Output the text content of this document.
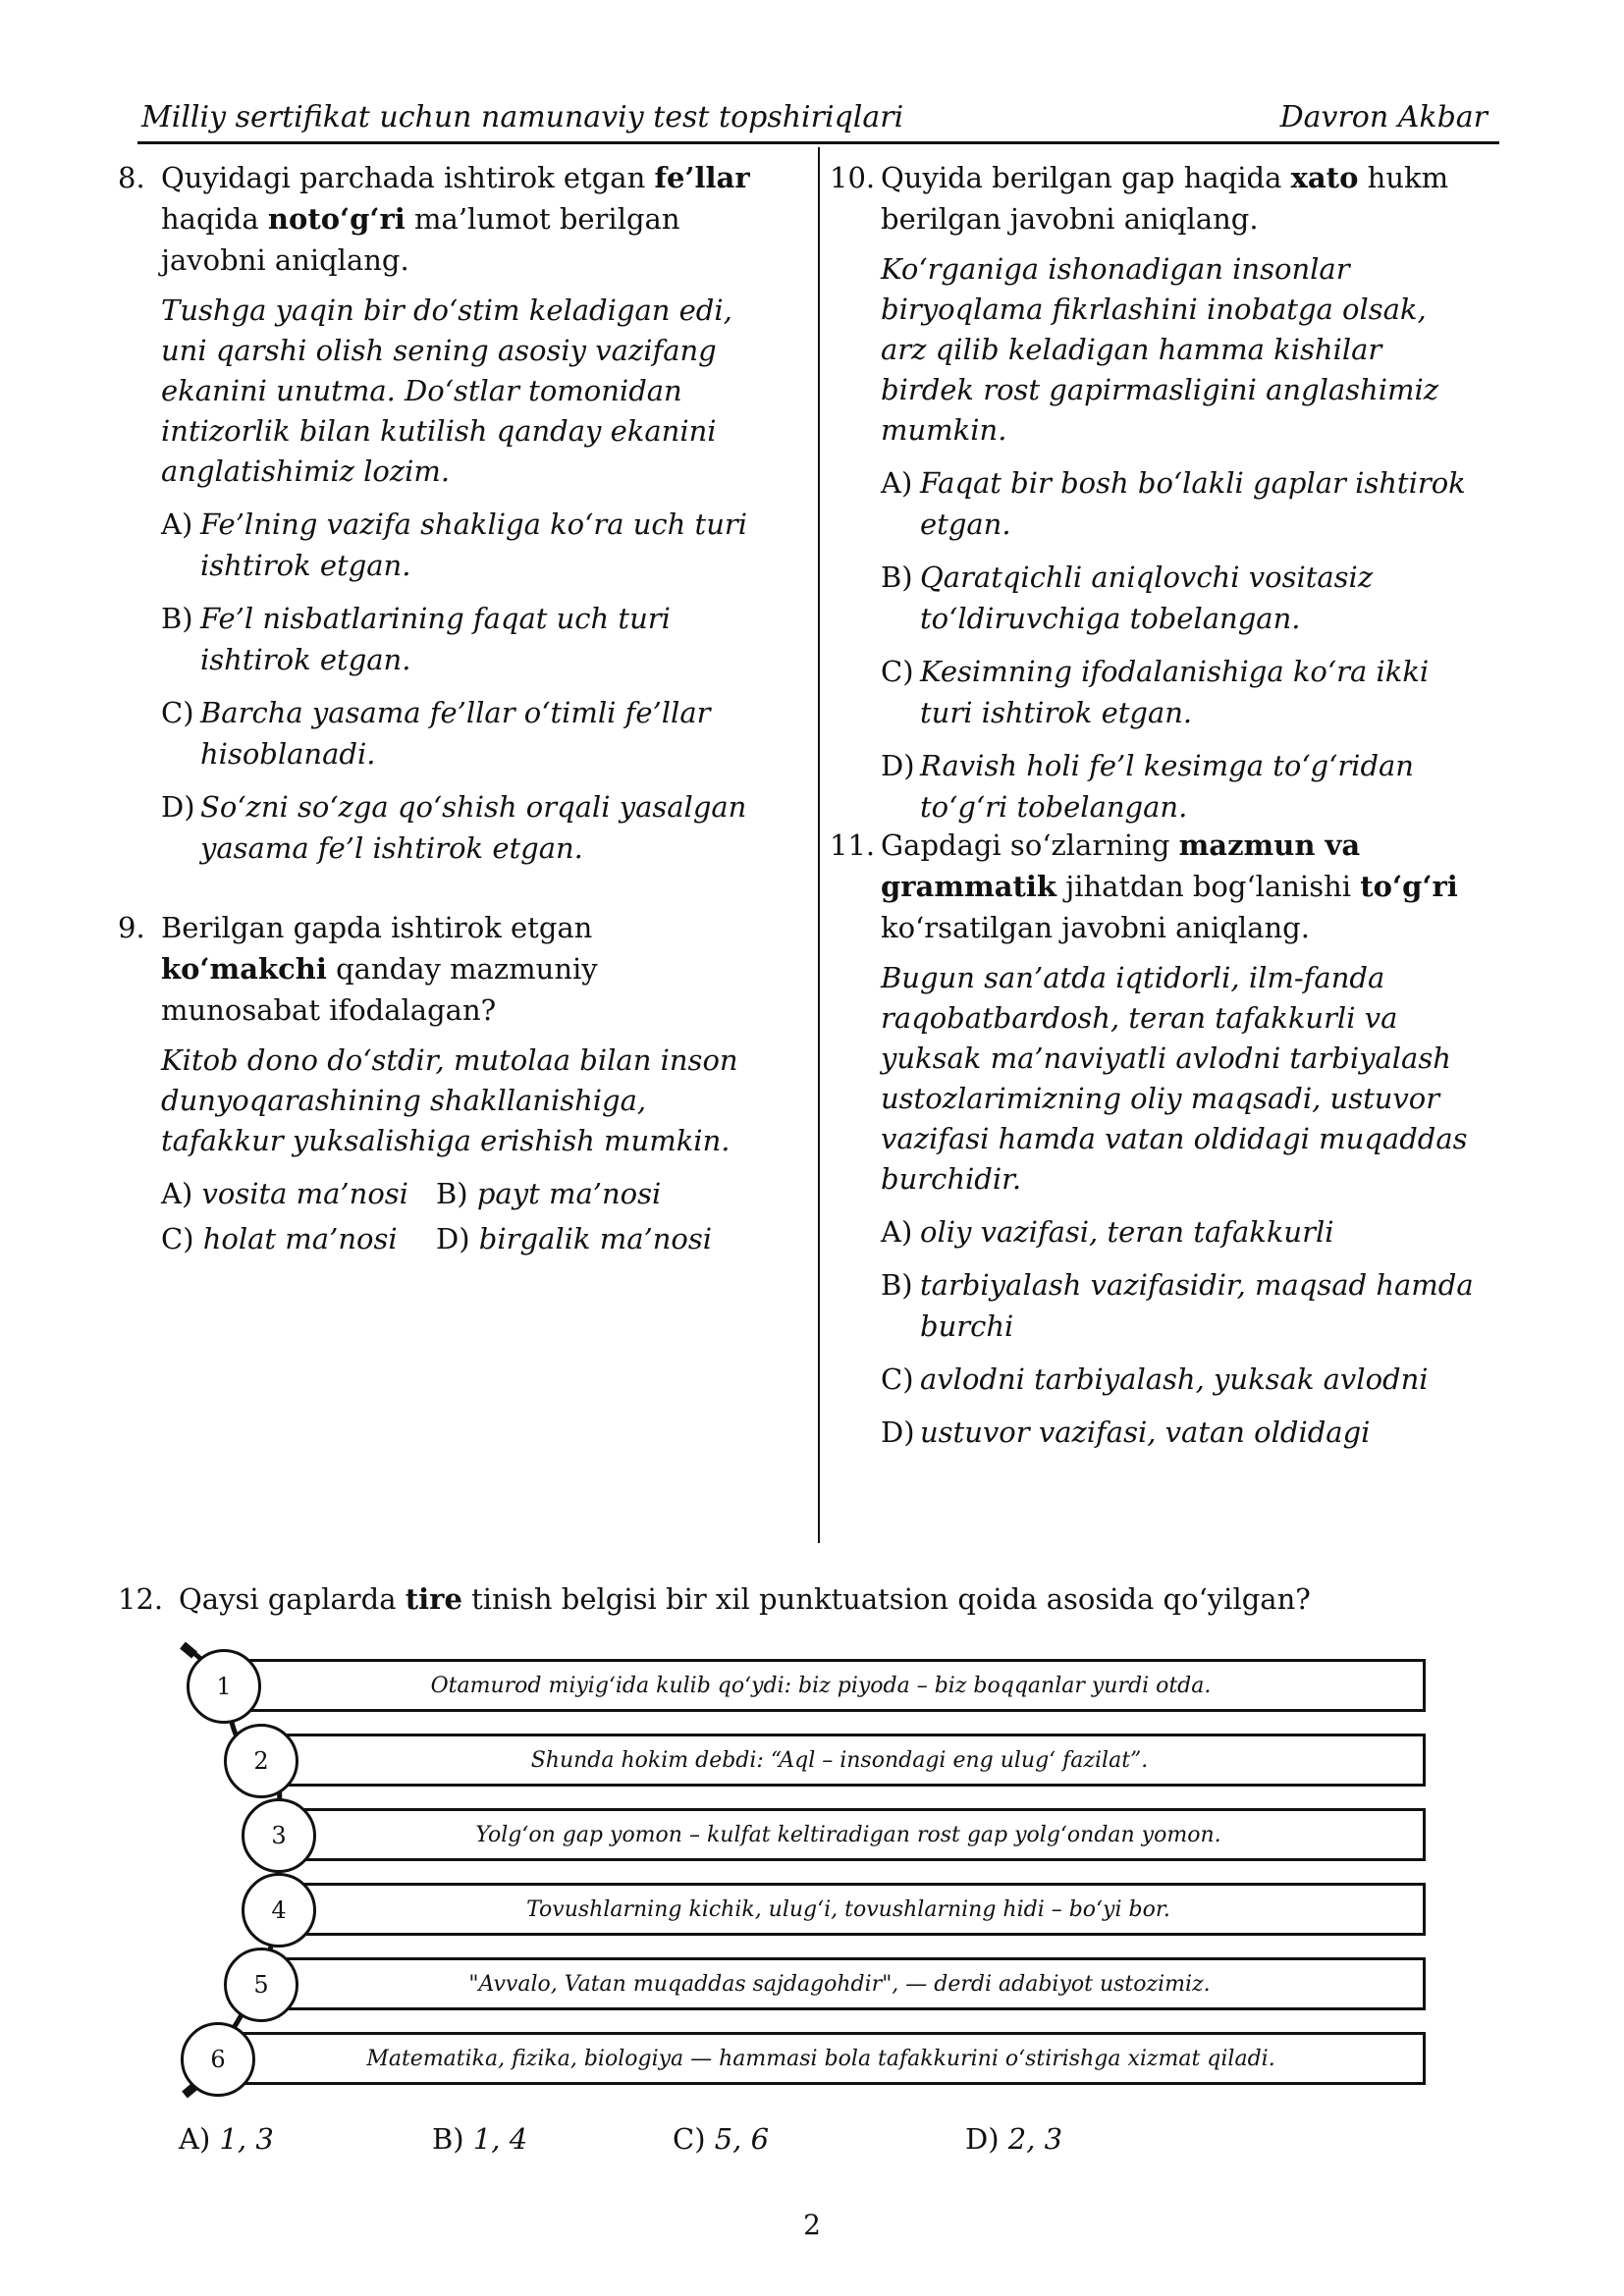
Milliy sertifikat uchun namunaviy test topshiriqlari	Davron Akbar
8. Quyidagi parchada ishtirok etgan fe’llar haqida noto‘g‘ri ma’lumot berilgan javobni aniqlang.
Tushga yaqin bir do‘stim keladigan edi, uni qarshi olish sening asosiy vazifang ekanini unutma. Do‘stlar tomonidan intizorlik bilan kutilish qanday ekanini anglatishimiz lozim.
A) Fe’lning vazifa shakliga ko‘ra uch turi ishtirok etgan.
B) Fe’l nisbatlarining faqat uch turi ishtirok etgan.
C) Barcha yasama fe’llar o‘timli fe’llar hisoblanadi.
D) So‘zni so‘zga qo‘shish orqali yasalgan yasama fe’l ishtirok etgan.
9. Berilgan gapda ishtirok etgan ko‘makchi qanday mazmuniy munosabat ifodalagan?
Kitob dono do‘stdir, mutolaa bilan inson dunyoqarashining shakllanishiga, tafakkur yuksalishiga erishish mumkin.
A) vosita ma’nosi B) payt ma’nosi
C) holat ma’nosi D) birgalik ma’nosi
10. Quyida berilgan gap haqida xato hukm berilgan javobni aniqlang.
Ko‘rganiga ishonadigan insonlar biryoqlama fikrlashini inobatga olsak, arz qilib keladigan hamma kishilar birdek rost gapirmasligini anglashimiz mumkin.
A) Faqat bir bosh bo‘lakli gaplar ishtirok etgan.
B) Qaratqichli aniqlovchi vositasiz to‘ldiruvchiga tobelangan.
C) Kesimning ifodalanishiga ko‘ra ikki turi ishtirok etgan.
D) Ravish holi fe’l kesimga to‘g‘ridan to‘g‘ri tobelangan.
11. Gapdagi so‘zlarning mazmun va grammatik jihatdan bog‘lanishi to‘g‘ri ko‘rsatilgan javobni aniqlang.
Bugun san’atda iqtidorli, ilm-fanda raqobatbardosh, teran tafakkurli va yuksak ma’naviyatli avlodni tarbiyalash ustozlarimizning oliy maqsadi, ustuvor vazifasi hamda vatan oldidagi muqaddas burchidir.
A) oliy vazifasi, teran tafakkurli
B) tarbiyalash vazifasidir, maqsad hamda burchi
C) avlodni tarbiyalash, yuksak avlodni
D) ustuvor vazifasi, vatan oldidagi
12. Qaysi gaplarda tire tinish belgisi bir xil punktuatsion qoida asosida qo‘yilgan?
Otamurod miyig‘ida kulib qo‘ydi: biz piyoda – biz boqqanlar yurdi otda.
Shunda hokim debdi: “Aql – insondagi eng ulug‘ fazilat”.
Yolg‘on gap yomon – kulfat keltiradigan rost gap yolg‘ondan yomon.
Tovushlarning kichik, ulug‘i, tovushlarning hidi – bo‘yi bor.
"Avvalo, Vatan muqaddas sajdagohdir", — derdi adabiyot ustozimiz.
Matematika, fizika, biologiya — hammasi bola tafakkurini o‘stirishga xizmat qiladi.
1
2
3
4
5
6
A) 1, 3	B) 1, 4	C) 5, 6	D) 2, 3
2
